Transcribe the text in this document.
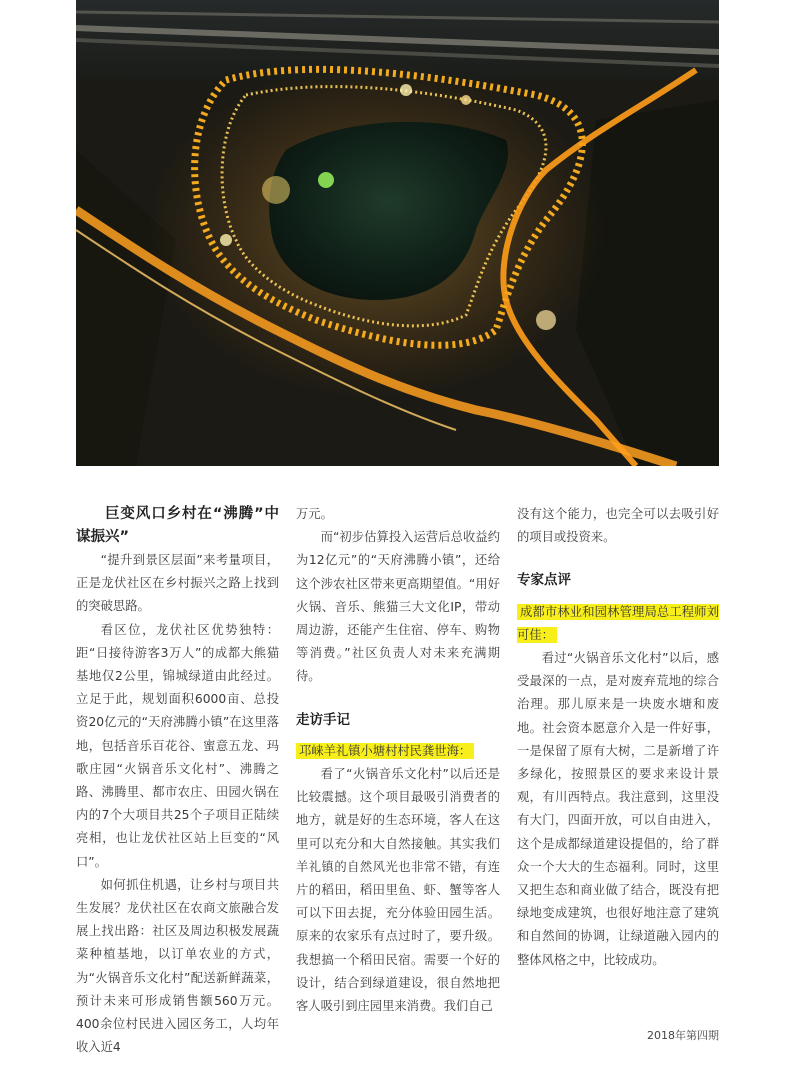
巨变风口乡村在“沸腾”中谋振兴”

“提升到景区层面”来考量项目，正是龙伏社区在乡村振兴之路上找到的突破思路。

看区位，龙伏社区优势独特：距“日接待游客3万人”的成都大熊猫基地仅2公里，锦城绿道由此经过。立足于此，规划面积6000亩、总投资20亿元的“天府沸腾小镇”在这里落地，包括音乐百花谷、蜜意五龙、玛歌庄园“火锅音乐文化村”、沸腾之路、沸腾里、都市农庄、田园火锅在内的7个大项目共25个子项目正陆续亮相，也让龙伏社区站上巨变的“风口”。

如何抓住机遇，让乡村与项目共生发展？龙伏社区在农商文旅融合发展上找出路：社区及周边积极发展蔬菜种植基地，以订单农业的方式，为“火锅音乐文化村”配送新鲜蔬菜，预计未来可形成销售额560万元。400余位村民进入园区务工，人均年收入近4

万元。

而“初步估算投入运营后总收益约为12亿元”的“天府沸腾小镇”，还给这个涉农社区带来更高期望值。“用好火锅、音乐、熊猫三大文化IP，带动周边游，还能产生住宿、停车、购物等消费。”社区负责人对未来充满期待。

走访手记

邛崃羊礼镇小塘村村民龚世海：

看了“火锅音乐文化村”以后还是比较震撼。这个项目最吸引消费者的地方，就是好的生态环境，客人在这里可以充分和大自然接触。其实我们羊礼镇的自然风光也非常不错，有连片的稻田，稻田里鱼、虾、蟹等客人可以下田去捉，充分体验田园生活。原来的农家乐有点过时了，要升级。我想搞一个稻田民宿。需要一个好的设计，结合到绿道建设，很自然地把客人吸引到庄园里来消费。我们自己

没有这个能力，也完全可以去吸引好的项目或投资来。

专家点评

成都市林业和园林管理局总工程师刘可佳：

看过“火锅音乐文化村”以后，感受最深的一点，是对废弃荒地的综合治理。那儿原来是一块废水塘和废地。社会资本愿意介入是一件好事，一是保留了原有大树，二是新增了许多绿化，按照景区的要求来设计景观，有川西特点。我注意到，这里没有大门，四面开放，可以自由进入，这个是成都绿道建设提倡的，给了群众一个大大的生态福利。同时，这里又把生态和商业做了结合，既没有把绿地变成建筑，也很好地注意了建筑和自然间的协调，让绿道融入园内的整体风格之中，比较成功。

2018年第四期
